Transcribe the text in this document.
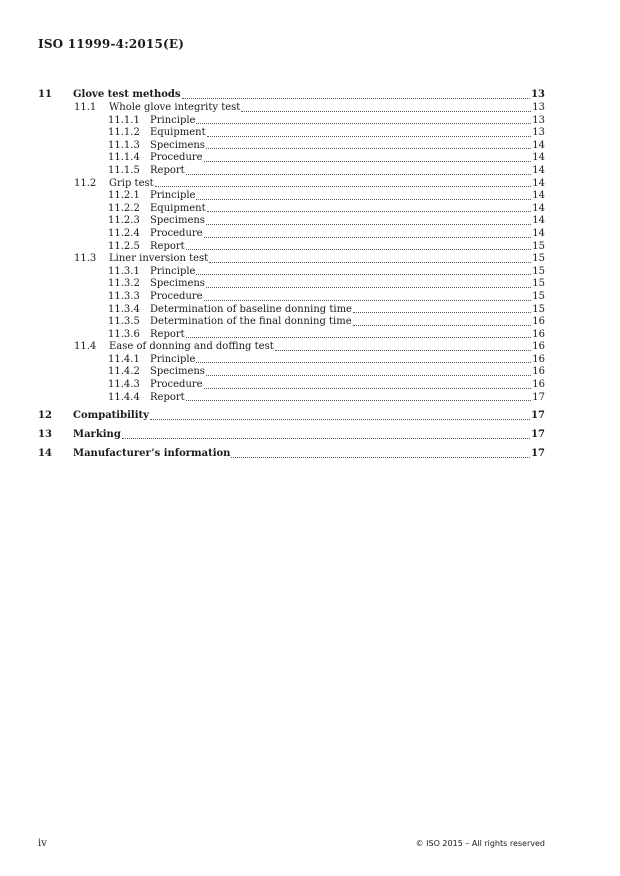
ISO 11999-4:2015(E)
11	Glove test methods	13
11.1	Whole glove integrity test	13
11.1.1	Principle	13
11.1.2	Equipment	13
11.1.3	Specimens	14
11.1.4	Procedure	14
11.1.5	Report	14
11.2	Grip test	14
11.2.1	Principle	14
11.2.2	Equipment	14
11.2.3	Specimens	14
11.2.4	Procedure	14
11.2.5	Report	15
11.3	Liner inversion test	15
11.3.1	Principle	15
11.3.2	Specimens	15
11.3.3	Procedure	15
11.3.4	Determination of baseline donning time	15
11.3.5	Determination of the final donning time	16
11.3.6	Report	16
11.4	Ease of donning and doffing test	16
11.4.1	Principle	16
11.4.2	Specimens	16
11.4.3	Procedure	16
11.4.4	Report	17
12	Compatibility	17
13	Marking	17
14	Manufacturer’s information	17
iv	© ISO 2015 – All rights reserved
